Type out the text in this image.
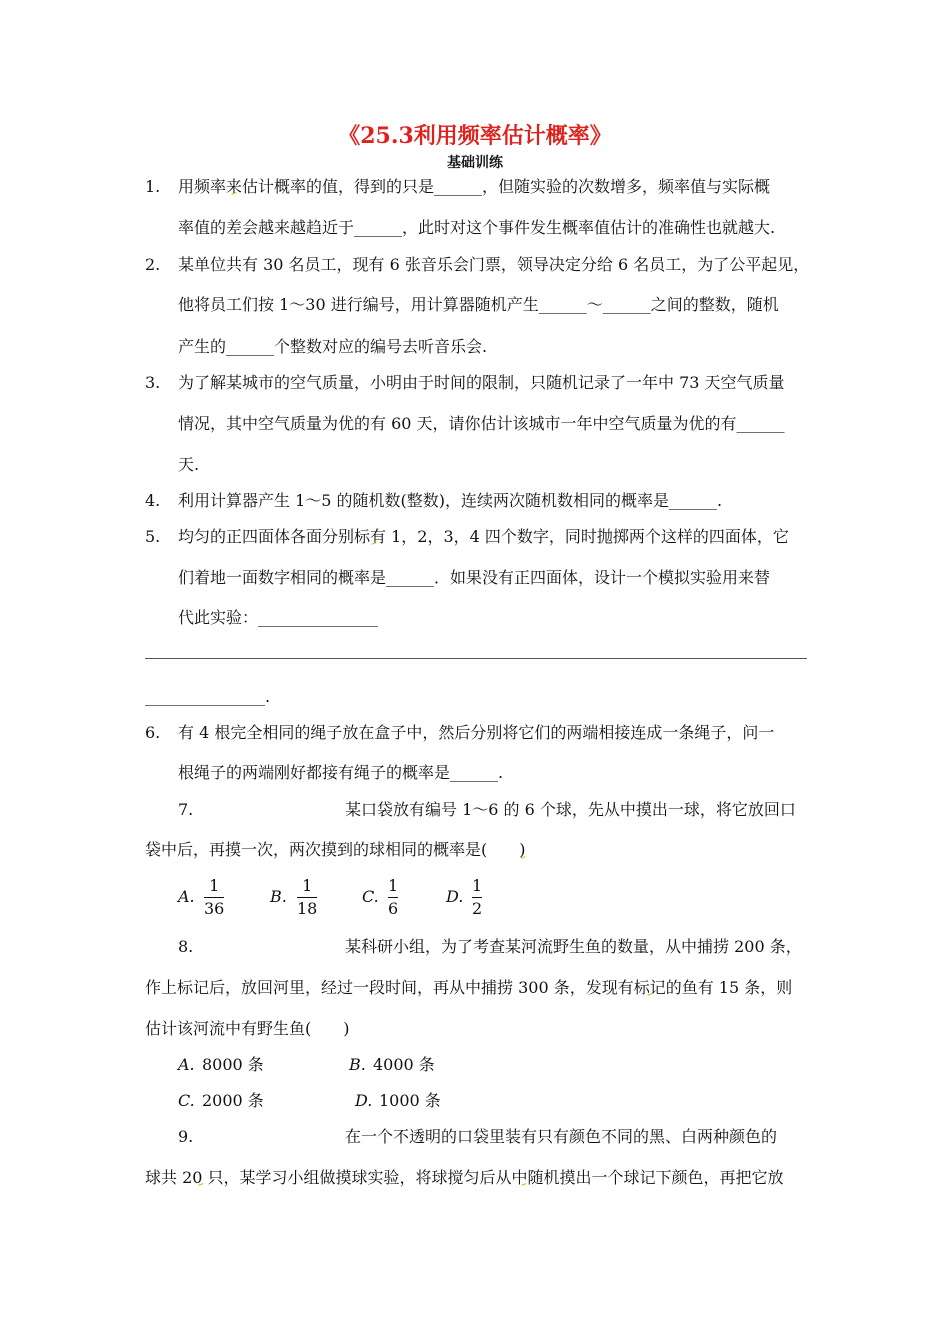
《25.3利用频率估计概率》
基础训练
1. 用频率来估计概率的值，得到的只是______，但随实验的次数增多，频率值与实际概
率值的差会越来越趋近于______，此时对这个事件发生概率值估计的准确性也就越大.
2. 某单位共有 30 名员工，现有 6 张音乐会门票，领导决定分给 6 名员工，为了公平起见，
他将员工们按 1～30 进行编号，用计算器随机产生______～______之间的整数，随机
产生的______个整数对应的编号去听音乐会.
3. 为了解某城市的空气质量，小明由于时间的限制，只随机记录了一年中 73 天空气质量
情况，其中空气质量为优的有 60 天，请你估计该城市一年中空气质量为优的有______
天.
4. 利用计算器产生 1～5 的随机数(整数)，连续两次随机数相同的概率是______.
5. 均匀的正四面体各面分别标有 1，2，3，4 四个数字，同时抛掷两个这样的四面体，它
们着地一面数字相同的概率是______．如果没有正四面体，设计一个模拟实验用来替
代此实验：_______________
_______________.
6. 有 4 根完全相同的绳子放在盒子中，然后分别将它们的两端相接连成一条绳子，问一
根绳子的两端刚好都接有绳子的概率是______.
7.	某口袋放有编号 1～6 的 6 个球，先从中摸出一球，将它放回口
袋中后，再摸一次，两次摸到的球相同的概率是(　　)
A.
1
36
B.
1
18
C.
1
6
D.
1
2
8.	某科研小组，为了考查某河流野生鱼的数量，从中捕捞 200 条，
作上标记后，放回河里，经过一段时间，再从中捕捞 300 条，发现有标记的鱼有 15 条，则
估计该河流中有野生鱼(　　)
A. 8000 条	B. 4000 条
C. 2000 条	D. 1000 条
9.	在一个不透明的口袋里装有只有颜色不同的黑、白两种颜色的
球共 20 只，某学习小组做摸球实验，将球搅匀后从中随机摸出一个球记下颜色，再把它放
